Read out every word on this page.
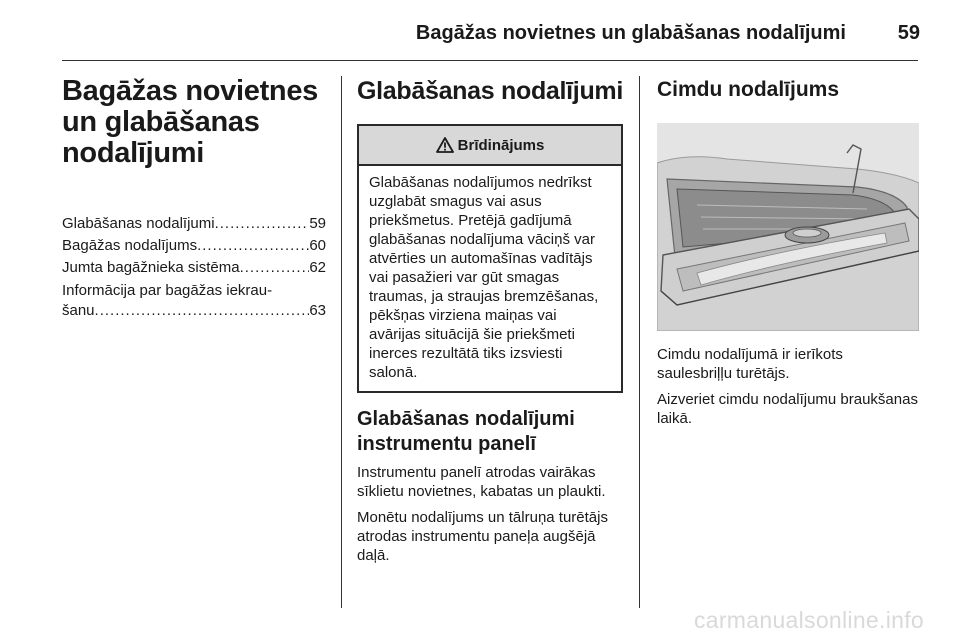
Bagāžas novietnes un glabāšanas nodalījumi	59
Bagāžas novietnes un glabāšanas nodalījumi
Glabāšanas nodalījumi .....	59
Bagāžas nodalījums .....	60
Jumta bagāžnieka sistēma .....	62
Informācija par bagāžas iekrau-
šanu .....	63
Glabāšanas nodalījumi
Brīdinājums

Glabāšanas nodalījumos nedrīkst uzglabāt smagus vai asus priekšmetus. Pretējā gadījumā glabāšanas nodalījuma vāciņš var atvērties un automašīnas vadītājs vai pasažieri var gūt smagas traumas, ja straujas bremzēšanas, pēkšņas virziena maiņas vai avārijas situācijā šie priekšmeti inerces rezultātā tiks izsviesti salonā.

Glabāšanas nodalījumi instrumentu panelī

Instrumentu panelī atrodas vairākas sīklietu novietnes, kabatas un plaukti.

Monētu nodalījums un tālruņa turētājs atrodas instrumentu paneļa augšējā daļā.

Cimdu nodalījums

Cimdu nodalījumā ir ierīkots saulesbriļļu turētājs.

Aizveriet cimdu nodalījumu braukšanas laikā.

carmanualsonline.info
